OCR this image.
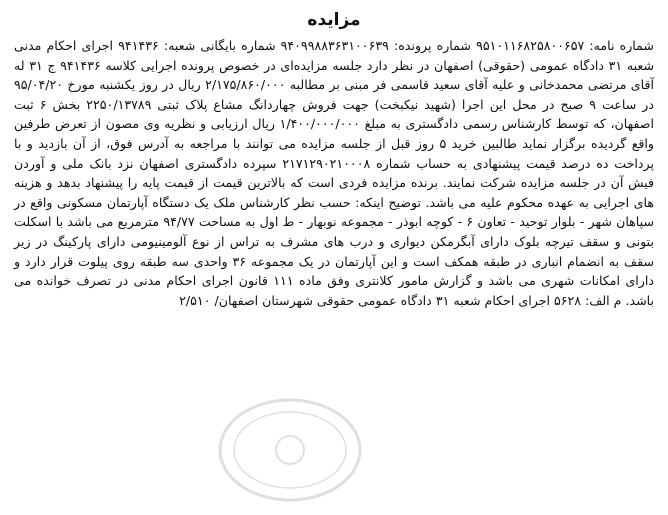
مزایده

شماره نامه: ۹۵۱۰۱۱۶۸۲۵۸۰۰۶۵۷ شماره پرونده: ۹۴۰۹۹۸۸۳۶۳۱۰۰۶۳۹ شماره بایگانی شعبه: ۹۴۱۴۳۶ اجرای احکام مدنی شعبه ۳۱ دادگاه عمومی (حقوقی) اصفهان در نظر دارد جلسه مزایده‌ای در خصوص پرونده اجرایی کلاسه ۹۴۱۴۳۶ ج ۳۱ له آقای مرتضی محمدخانی و علیه آقای سعید قاسمی فر مبنی بر مطالبه ۲/۱۷۵/۸۶۰/۰۰۰ ریال در روز یکشنبه مورخ ۹۵/۰۴/۲۰ در ساعت ۹ صبح در محل این اجرا (شهید نیکبخت) جهت فروش چهاردانگ مشاع پلاک ثبتی ۲۲۵۰/۱۳۷۸۹ بخش ۶ ثبت اصفهان، که توسط کارشناس رسمی دادگستری به مبلغ ۱/۴۰۰/۰۰۰/۰۰۰ ریال ارزیابی و نظریه وی مصون از تعرض طرفین واقع گردیده برگزار نماید طالبین خرید ۵ روز قبل از جلسه مزایده می توانند با مراجعه به آدرس فوق، از آن بازدید و با پرداخت ده درصد قیمت پیشنهادی به حساب شماره ۲۱۷۱۲۹۰۲۱۰۰۰۸ سپرده دادگستری اصفهان نزد بانک ملی و آوردن فیش آن در جلسه مزایده شرکت نمایند. برنده مزایده فردی است که بالاترین قیمت از قیمت پایه را پیشنهاد بدهد و هزینه های اجرایی به عهده محکوم علیه می باشد. توضیح اینکه: حسب نظر کارشناس ملک یک دستگاه آپارتمان مسکونی واقع در سپاهان شهر - بلوار توحید - تعاون ۶ - کوچه ابوذر - مجموعه نوبهار - ط اول به مساحت ۹۴/۷۷ مترمربع می باشد با اسکلت بتونی و سقف تیرچه بلوک دارای آبگرمکن دیواری و درب های مشرف به تراس از نوع آلومینیومی دارای پارکینگ در زیر سقف به انضمام انباری در طبقه همکف است و این آپارتمان در یک مجموعه ۳۶ واحدی سه طبقه روی پیلوت قرار دارد و دارای امکانات شهری می باشد و گزارش مامور کلانتری وفق ماده ۱۱۱ قانون اجرای احکام مدنی در تصرف خوانده می باشد. م الف: ۵۶۲۸ اجرای احکام شعبه ۳۱ دادگاه عمومی حقوقی شهرستان اصفهان/ ۲/۵۱۰
